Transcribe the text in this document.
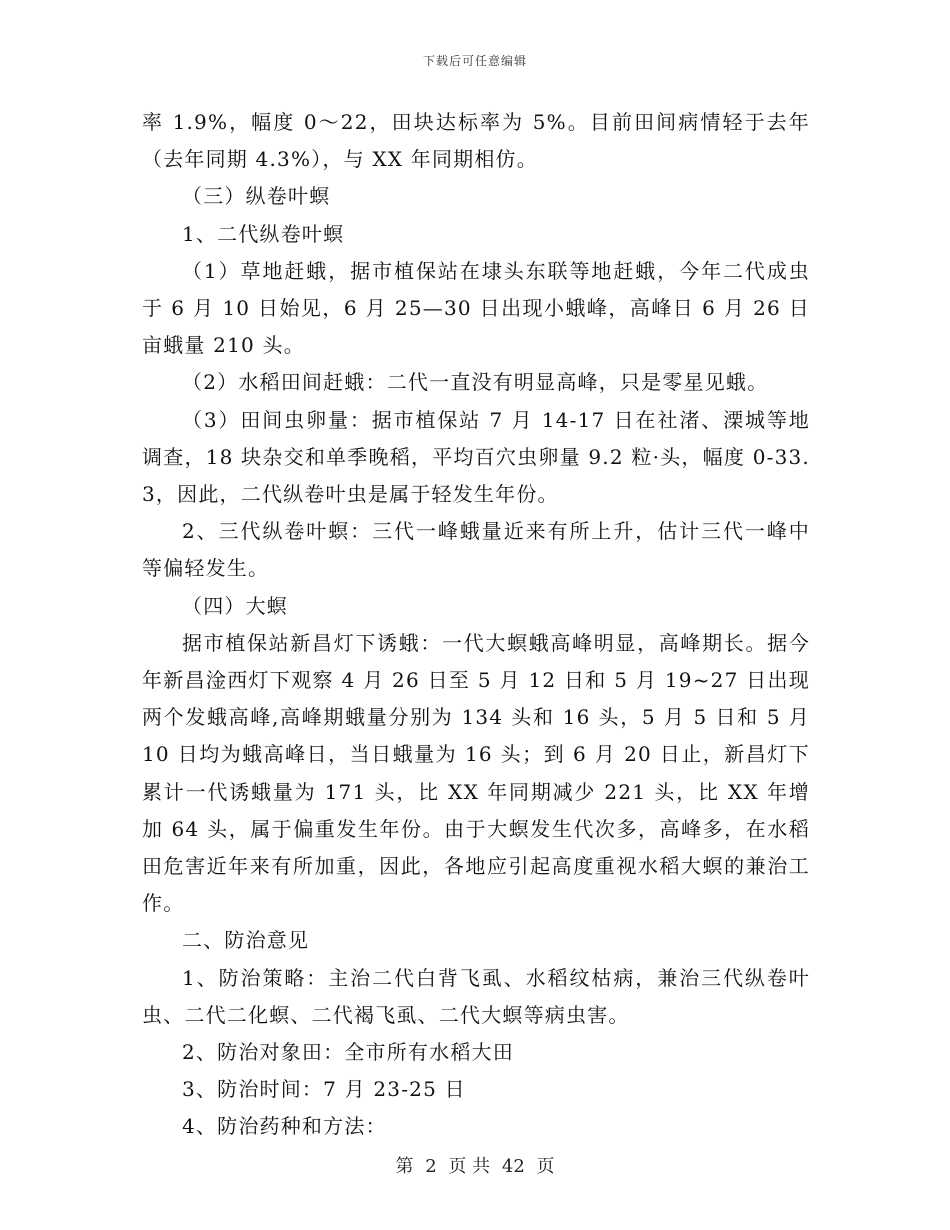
下载后可任意编辑

率 1.9%，幅度 0～22，田块达标率为 5%。目前田间病情轻于去年（去年同期 4.3%），与 XX 年同期相仿。

（三）纵卷叶螟

1、二代纵卷叶螟

（1）草地赶蛾，据市植保站在埭头东联等地赶蛾，今年二代成虫于 6 月 10 日始见，6 月 25—30 日出现小蛾峰，高峰日 6 月 26 日亩蛾量 210 头。

（2）水稻田间赶蛾：二代一直没有明显高峰，只是零星见蛾。

（3）田间虫卵量：据市植保站 7 月 14-17 日在社渚、溧城等地调查，18 块杂交和单季晚稻，平均百穴虫卵量 9.2 粒·头，幅度 0-33.3，因此，二代纵卷叶虫是属于轻发生年份。

2、三代纵卷叶螟：三代一峰蛾量近来有所上升，估计三代一峰中等偏轻发生。

（四）大螟

据市植保站新昌灯下诱蛾：一代大螟蛾高峰明显，高峰期长。据今年新昌淦西灯下观察 4 月 26 日至 5 月 12 日和 5 月 19~27 日出现两个发蛾高峰,高峰期蛾量分别为 134 头和 16 头，5 月 5 日和 5 月 10 日均为蛾高峰日，当日蛾量为 16 头；到 6 月 20 日止，新昌灯下累计一代诱蛾量为 171 头，比 XX 年同期减少 221 头，比 XX 年增加 64 头，属于偏重发生年份。由于大螟发生代次多，高峰多，在水稻田危害近年来有所加重，因此，各地应引起高度重视水稻大螟的兼治工作。

二、防治意见

1、防治策略：主治二代白背飞虱、水稻纹枯病，兼治三代纵卷叶虫、二代二化螟、二代褐飞虱、二代大螟等病虫害。

2、防治对象田：全市所有水稻大田

3、防治时间：7 月 23-25 日

4、防治药种和方法：

第 2 页 共 42 页
